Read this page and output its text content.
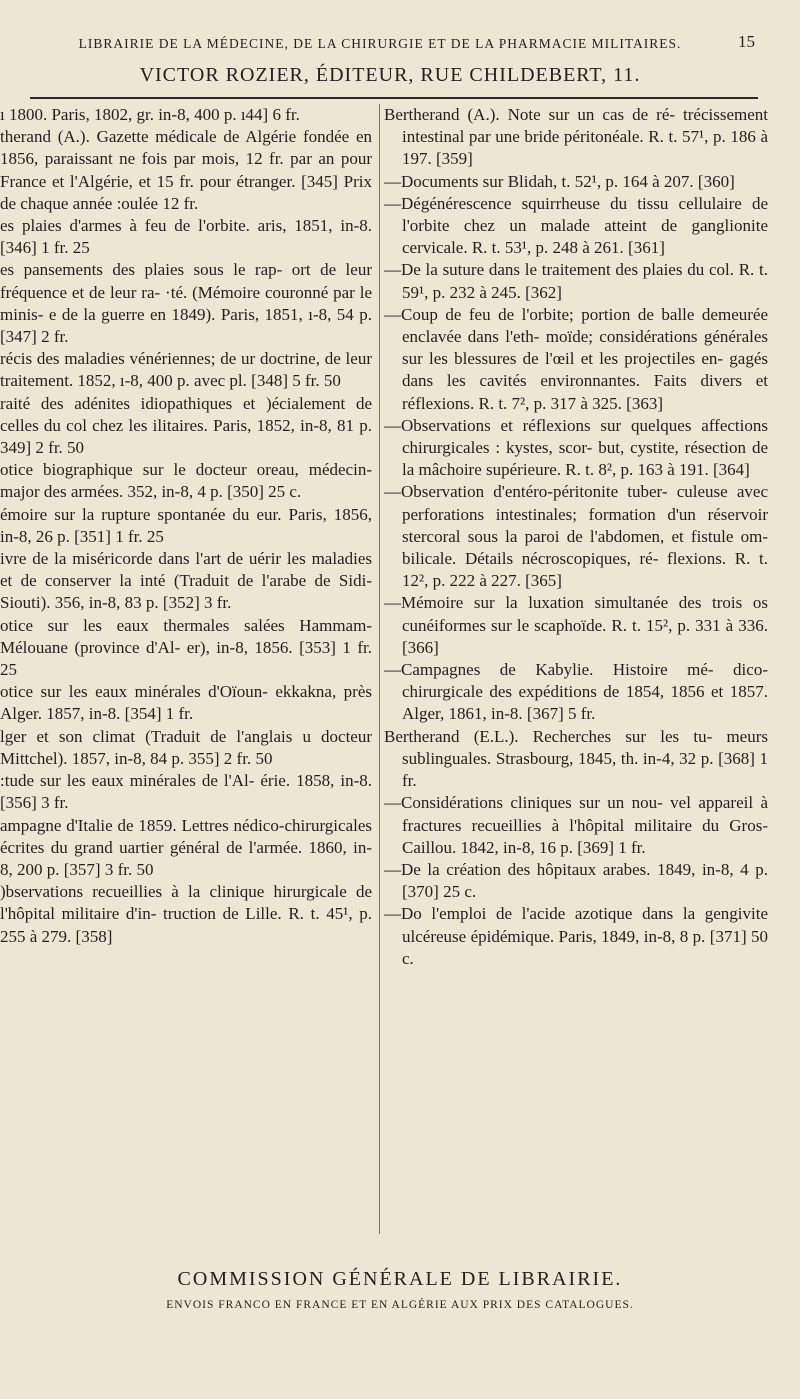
LIBRAIRIE DE LA MÉDECINE, DE LA CHIRURGIE ET DE LA PHARMACIE MILITAIRES.	15
VICTOR ROZIER, ÉDITEUR, RUE CHILDEBERT, 11.

ı 1800. Paris, 1802, gr. in-8, 400 p. ı44] 6 fr.

therand (A.). Gazette médicale de Algérie fondée en 1856, paraissant ne fois par mois, 12 fr. par an pour France et l'Algérie, et 15 fr. pour étranger. [345] Prix de chaque année :oulée 12 fr.

es plaies d'armes à feu de l'orbite. aris, 1851, in-8. [346] 1 fr. 25

es pansements des plaies sous le rap- ort de leur fréquence et de leur ra- ·té. (Mémoire couronné par le minis- e de la guerre en 1849). Paris, 1851, ı-8, 54 p. [347] 2 fr.

récis des maladies vénériennes; de ur doctrine, de leur traitement. 1852, ı-8, 400 p. avec pl. [348] 5 fr. 50

raité des adénites idiopathiques et )écialement de celles du col chez les ilitaires. Paris, 1852, in-8, 81 p. 349] 2 fr. 50

otice biographique sur le docteur oreau, médecin-major des armées. 352, in-8, 4 p. [350] 25 c.

émoire sur la rupture spontanée du eur. Paris, 1856, in-8, 26 p. [351] 1 fr. 25

ivre de la miséricorde dans l'art de uérir les maladies et de conserver la inté (Traduit de l'arabe de Sidi-Siouti). 356, in-8, 83 p. [352] 3 fr.

otice sur les eaux thermales salées Hammam-Mélouane (province d'Al- er), in-8, 1856. [353] 1 fr. 25

otice sur les eaux minérales d'Oïoun- ekkakna, près Alger. 1857, in-8. [354] 1 fr.

lger et son climat (Traduit de l'anglais u docteur Mittchel). 1857, in-8, 84 p. 355] 2 fr. 50

:tude sur les eaux minérales de l'Al- érie. 1858, in-8. [356] 3 fr.

ampagne d'Italie de 1859. Lettres nédico-chirurgicales écrites du grand uartier général de l'armée. 1860, in- 8, 200 p. [357] 3 fr. 50

)bservations recueillies à la clinique hirurgicale de l'hôpital militaire d'in- truction de Lille. R. t. 45¹, p. 255 à 279. [358]

Bertherand (A.). Note sur un cas de ré- trécissement intestinal par une bride péritonéale. R. t. 57¹, p. 186 à 197. [359]

—Documents sur Blidah, t. 52¹, p. 164 à 207. [360]

—Dégénérescence squirrheuse du tissu cellulaire de l'orbite chez un malade atteint de ganglionite cervicale. R. t. 53¹, p. 248 à 261. [361]

—De la suture dans le traitement des plaies du col. R. t. 59¹, p. 232 à 245. [362]

—Coup de feu de l'orbite; portion de balle demeurée enclavée dans l'eth- moïde; considérations générales sur les blessures de l'œil et les projectiles en- gagés dans les cavités environnantes. Faits divers et réflexions. R. t. 7², p. 317 à 325. [363]

—Observations et réflexions sur quelques affections chirurgicales : kystes, scor- but, cystite, résection de la mâchoire supérieure. R. t. 8², p. 163 à 191. [364]

—Observation d'entéro-péritonite tuber- culeuse avec perforations intestinales; formation d'un réservoir stercoral sous la paroi de l'abdomen, et fistule om- bilicale. Détails nécroscopiques, ré- flexions. R. t. 12², p. 222 à 227. [365]

—Mémoire sur la luxation simultanée des trois os cunéiformes sur le scaphoïde. R. t. 15², p. 331 à 336. [366]

—Campagnes de Kabylie. Histoire mé- dico-chirurgicale des expéditions de 1854, 1856 et 1857. Alger, 1861, in-8. [367] 5 fr.

Bertherand (E.L.). Recherches sur les tu- meurs sublinguales. Strasbourg, 1845, th. in-4, 32 p. [368] 1 fr.

—Considérations cliniques sur un nou- vel appareil à fractures recueillies à l'hôpital militaire du Gros-Caillou. 1842, in-8, 16 p. [369] 1 fr.

—De la création des hôpitaux arabes. 1849, in-8, 4 p. [370] 25 c.

—Do l'emploi de l'acide azotique dans la gengivite ulcéreuse épidémique. Paris, 1849, in-8, 8 p. [371] 50 c.

COMMISSION GÉNÉRALE DE LIBRAIRIE.
ENVOIS FRANCO EN FRANCE ET EN ALGÉRIE AUX PRIX DES CATALOGUES.
